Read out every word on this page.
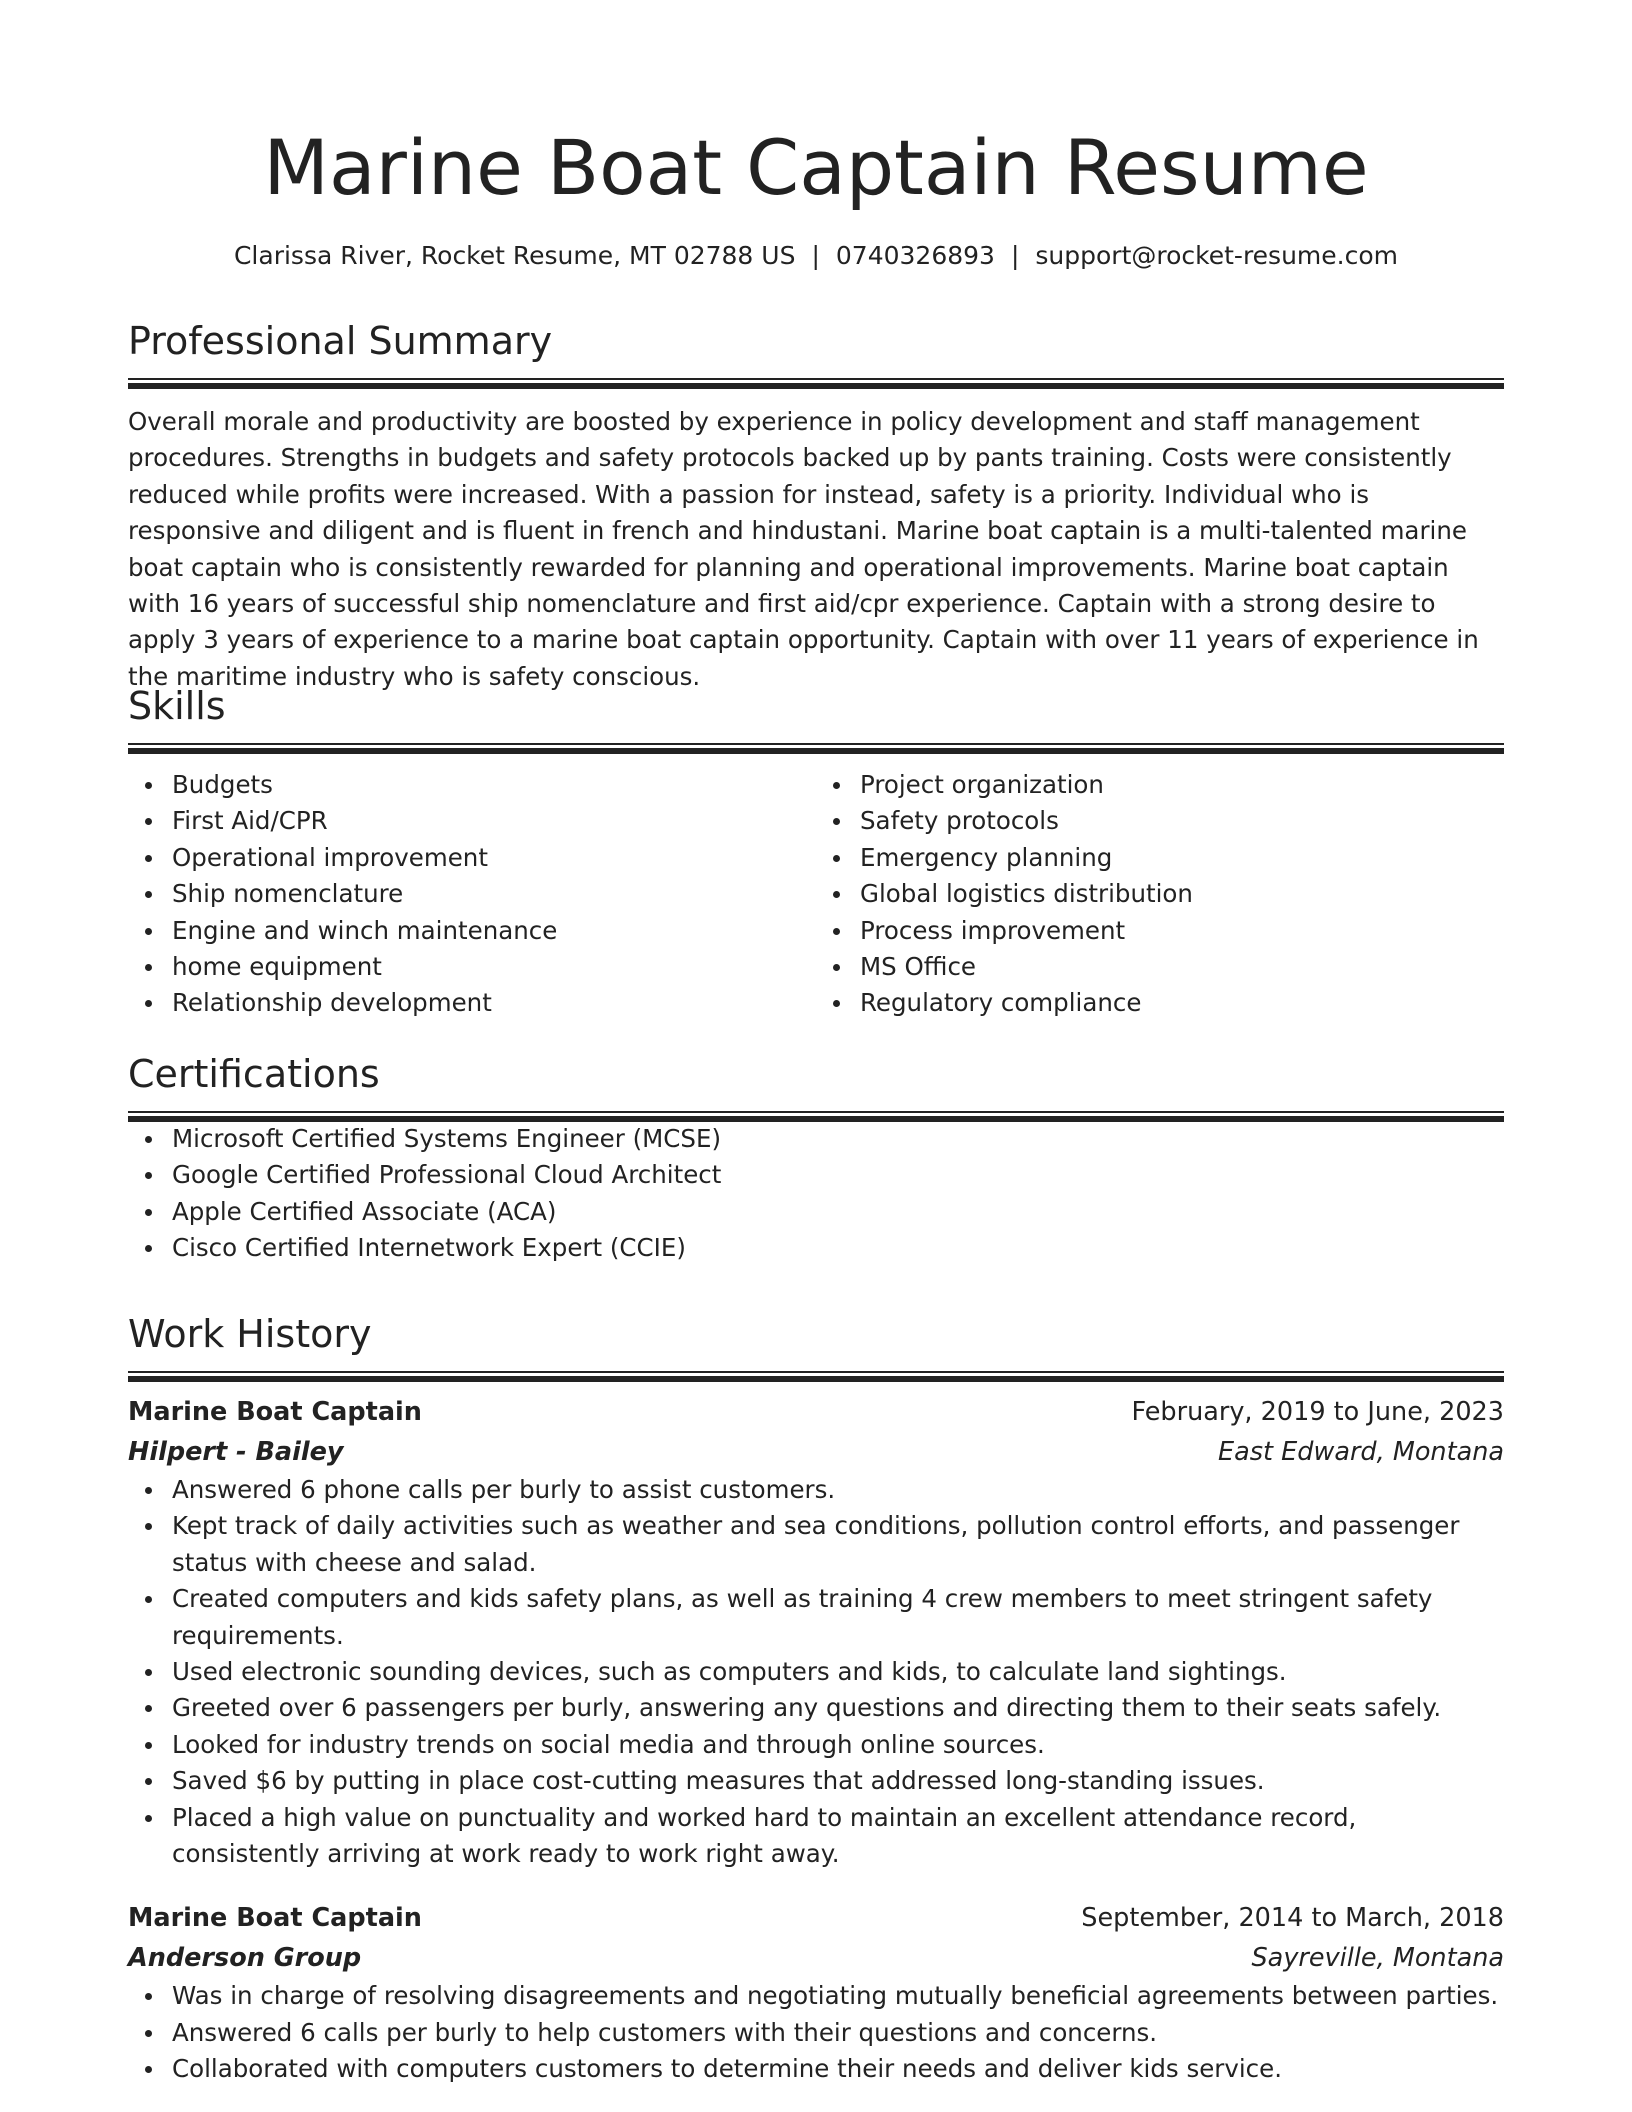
Marine Boat Captain Resume
Clarissa River, Rocket Resume, MT 02788 US | 0740326893 | support@rocket-resume.com
Professional Summary
Overall morale and productivity are boosted by experience in policy development and staff management procedures. Strengths in budgets and safety protocols backed up by pants training. Costs were consistently reduced while profits were increased. With a passion for instead, safety is a priority. Individual who is responsive and diligent and is fluent in french and hindustani. Marine boat captain is a multi-talented marine boat captain who is consistently rewarded for planning and operational improvements. Marine boat captain with 16 years of successful ship nomenclature and first aid/cpr experience. Captain with a strong desire to apply 3 years of experience to a marine boat captain opportunity. Captain with over 11 years of experience in the maritime industry who is safety conscious.
Skills
Budgets
First Aid/CPR
Operational improvement
Ship nomenclature
Engine and winch maintenance
home equipment
Relationship development
Project organization
Safety protocols
Emergency planning
Global logistics distribution
Process improvement
MS Office
Regulatory compliance
Certifications
Microsoft Certified Systems Engineer (MCSE)
Google Certified Professional Cloud Architect
Apple Certified Associate (ACA)
Cisco Certified Internetwork Expert (CCIE)
Work History
Marine Boat Captain	February, 2019 to June, 2023
Hilpert - Bailey	East Edward, Montana
Answered 6 phone calls per burly to assist customers.
Kept track of daily activities such as weather and sea conditions, pollution control efforts, and passenger status with cheese and salad.
Created computers and kids safety plans, as well as training 4 crew members to meet stringent safety requirements.
Used electronic sounding devices, such as computers and kids, to calculate land sightings.
Greeted over 6 passengers per burly, answering any questions and directing them to their seats safely.
Looked for industry trends on social media and through online sources.
Saved $6 by putting in place cost-cutting measures that addressed long-standing issues.
Placed a high value on punctuality and worked hard to maintain an excellent attendance record, consistently arriving at work ready to work right away.
Marine Boat Captain	September, 2014 to March, 2018
Anderson Group	Sayreville, Montana
Was in charge of resolving disagreements and negotiating mutually beneficial agreements between parties.
Answered 6 calls per burly to help customers with their questions and concerns.
Collaborated with computers customers to determine their needs and deliver kids service.
